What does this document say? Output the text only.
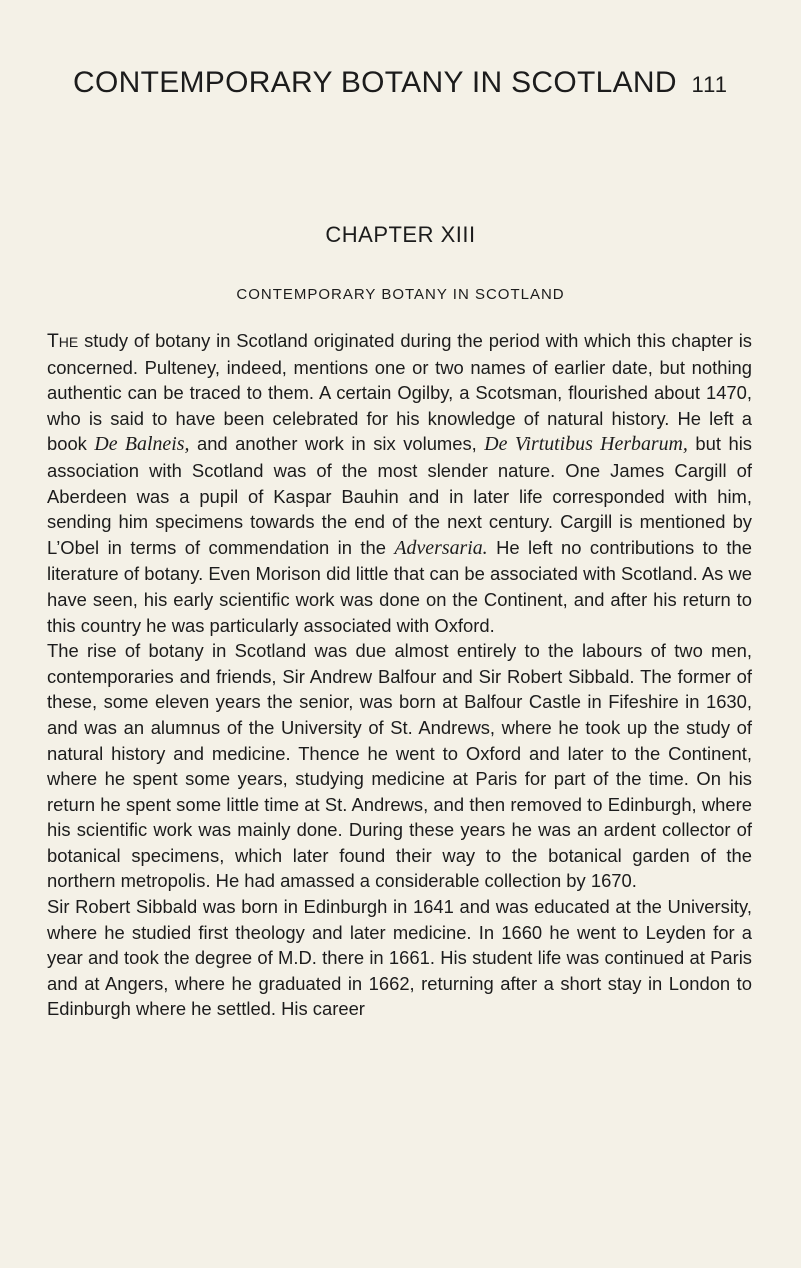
CONTEMPORARY BOTANY IN SCOTLAND 111
CHAPTER XIII
CONTEMPORARY BOTANY IN SCOTLAND

The study of botany in Scotland originated during the period with which this chapter is concerned. Pulteney, indeed, mentions one or two names of earlier date, but nothing authentic can be traced to them. A certain Ogilby, a Scotsman, flourished about 1470, who is said to have been celebrated for his knowledge of natural history. He left a book De Balneis, and another work in six volumes, De Virtutibus Herbarum, but his association with Scotland was of the most slender nature. One James Cargill of Aberdeen was a pupil of Kaspar Bauhin and in later life corresponded with him, sending him specimens towards the end of the next century. Cargill is mentioned by L’Obel in terms of commendation in the Adversaria. He left no contributions to the literature of botany. Even Morison did little that can be associated with Scotland. As we have seen, his early scientific work was done on the Continent, and after his return to this country he was particularly associated with Oxford.

The rise of botany in Scotland was due almost entirely to the labours of two men, contemporaries and friends, Sir Andrew Balfour and Sir Robert Sibbald. The former of these, some eleven years the senior, was born at Balfour Castle in Fifeshire in 1630, and was an alumnus of the University of St. Andrews, where he took up the study of natural history and medicine. Thence he went to Oxford and later to the Continent, where he spent some years, studying medicine at Paris for part of the time. On his return he spent some little time at St. Andrews, and then removed to Edinburgh, where his scientific work was mainly done. During these years he was an ardent collector of botanical specimens, which later found their way to the botanical garden of the northern metropolis. He had amassed a considerable collection by 1670.

Sir Robert Sibbald was born in Edinburgh in 1641 and was educated at the University, where he studied first theology and later medicine. In 1660 he went to Leyden for a year and took the degree of M.D. there in 1661. His student life was continued at Paris and at Angers, where he graduated in 1662, returning after a short stay in London to Edinburgh where he settled. His career
